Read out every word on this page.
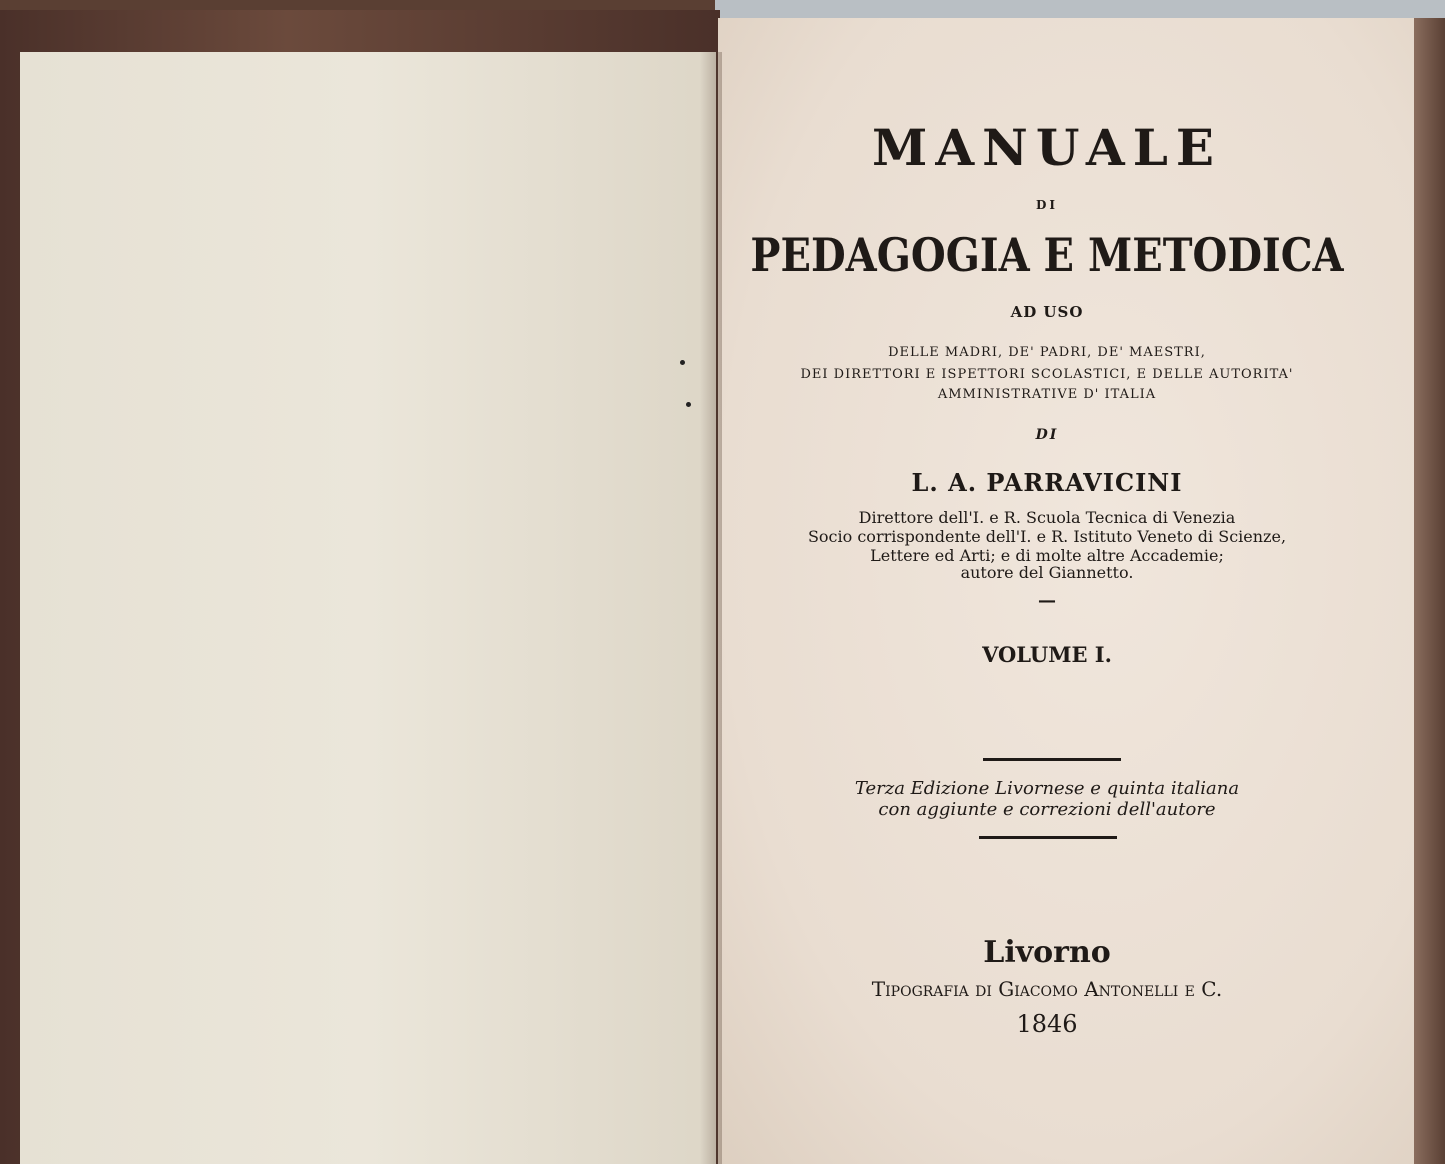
MANUALE
DI
PEDAGOGIA E METODICA
AD USO
DELLE MADRI, DE' PADRI, DE' MAESTRI,
DEI DIRETTORI E ISPETTORI SCOLASTICI, E DELLE AUTORITA'
AMMINISTRATIVE D' ITALIA
DI
L. A. PARRAVICINI
Direttore dell'I. e R. Scuola Tecnica di Venezia
Socio corrispondente dell'I. e R. Istituto Veneto di Scienze,
Lettere ed Arti; e di molte altre Accademie;
autore del Giannetto.
—
VOLUME I.
Terza Edizione Livornese e quinta italiana
con aggiunte e correzioni dell'autore
Livorno
Tipografia di Giacomo Antonelli e C.
1846
